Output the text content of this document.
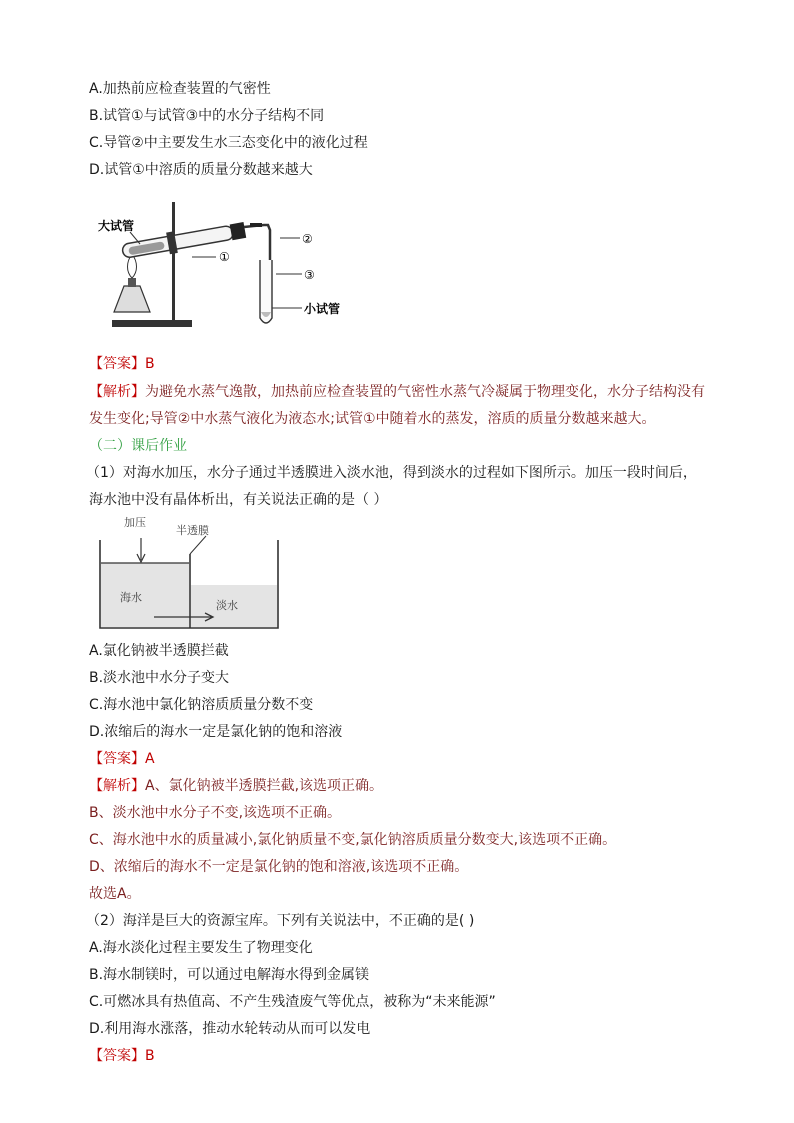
A.加热前应检查装置的气密性
B.试管①与试管③中的水分子结构不同
C.导管②中主要发生水三态变化中的液化过程
D.试管①中溶质的质量分数越来越大
大试管
①
②
③
小试管
【答案】B
【解析】为避免水蒸气逸散，加热前应检查装置的气密性水蒸气冷凝属于物理变化，水分子结构没有
发生变化;导管②中水蒸气液化为液态水;试管①中随着水的蒸发，溶质的质量分数越来越大。
（二）课后作业
（1）对海水加压，水分子通过半透膜进入淡水池，得到淡水的过程如下图所示。加压一段时间后，
海水池中没有晶体析出，有关说法正确的是（ ）
加压
半透膜
海水
淡水
A.氯化钠被半透膜拦截
B.淡水池中水分子变大
C.海水池中氯化钠溶质质量分数不变
D.浓缩后的海水一定是氯化钠的饱和溶液
【答案】A
【解析】A、氯化钠被半透膜拦截,该选项正确。
B、淡水池中水分子不变,该选项不正确。
C、海水池中水的质量减小,氯化钠质量不变,氯化钠溶质质量分数变大,该选项不正确。
D、浓缩后的海水不一定是氯化钠的饱和溶液,该选项不正确。
故选A。
（2）海洋是巨大的资源宝库。下列有关说法中，不正确的是( )
A.海水淡化过程主要发生了物理变化
B.海水制镁时，可以通过电解海水得到金属镁
C.可燃冰具有热值高、不产生残渣废气等优点，被称为“未来能源”
D.利用海水涨落，推动水轮转动从而可以发电
【答案】B
